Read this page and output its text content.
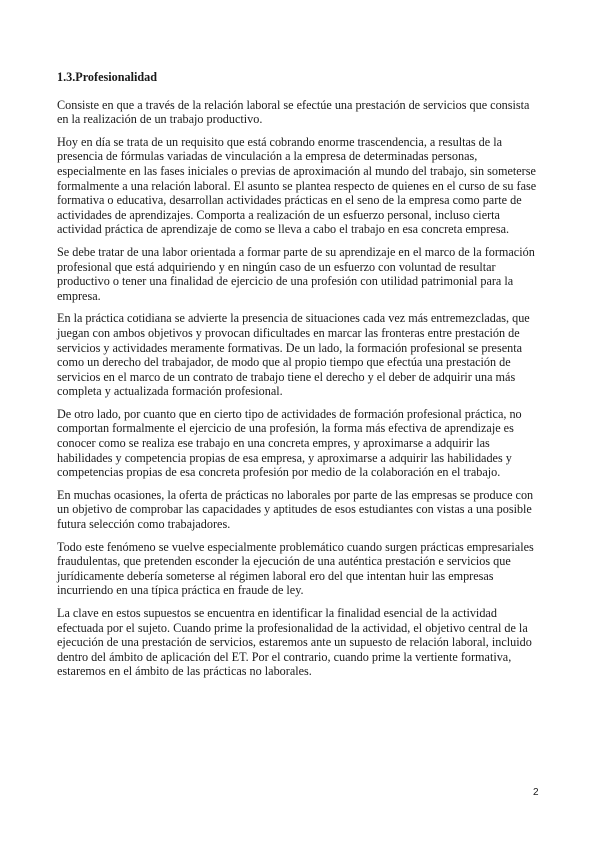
1.3.Profesionalidad

Consiste en que a través de la relación laboral se efectúe una prestación de servicios que consista en la realización de un trabajo productivo.

Hoy en día se trata de un requisito que está cobrando enorme trascendencia, a resultas de la presencia de fórmulas variadas de vinculación a la empresa de determinadas personas, especialmente en las fases iniciales o previas de aproximación al mundo del trabajo, sin someterse formalmente a una relación laboral. El asunto se plantea respecto de quienes en el curso de su fase formativa o educativa, desarrollan actividades prácticas en el seno de la empresa como parte de actividades de aprendizajes. Comporta a realización de un esfuerzo personal, incluso cierta actividad práctica de aprendizaje de como se lleva a cabo el trabajo en esa concreta empresa.

Se debe tratar de una labor orientada a formar parte de su aprendizaje en el marco de la formación profesional que está adquiriendo y en ningún caso de un esfuerzo con voluntad de resultar productivo o tener una finalidad de ejercicio de una profesión con utilidad patrimonial para la empresa.

En la práctica cotidiana se advierte la presencia de situaciones cada vez más entremezcladas, que juegan con ambos objetivos y provocan dificultades en marcar las fronteras entre prestación de servicios y actividades meramente formativas. De un lado, la formación profesional se presenta como un derecho del trabajador, de modo que al propio tiempo que efectúa una prestación de servicios en el marco de un contrato de trabajo tiene el derecho y el deber de adquirir una más completa y actualizada formación profesional.

De otro lado, por cuanto que en cierto tipo de actividades de formación profesional práctica, no comportan formalmente el ejercicio de una profesión, la forma más efectiva de aprendizaje es conocer como se realiza ese trabajo en una concreta empres, y aproximarse a adquirir las habilidades y competencia propias de esa empresa, y aproximarse a adquirir las habilidades y competencias propias de esa concreta profesión por medio de la colaboración en el trabajo.

En muchas ocasiones, la oferta de prácticas no laborales por parte de las empresas se produce con un objetivo de comprobar las capacidades y aptitudes de esos estudiantes con vistas a una posible futura selección como trabajadores.

Todo este fenómeno se vuelve especialmente problemático cuando surgen prácticas empresariales fraudulentas, que pretenden esconder la ejecución de una auténtica prestación e servicios que jurídicamente debería someterse al régimen laboral ero del que intentan huir las empresas incurriendo en una típica práctica en fraude de ley.

La clave en estos supuestos se encuentra en identificar la finalidad esencial de la actividad efectuada por el sujeto. Cuando prime la profesionalidad de la actividad, el objetivo central de la ejecución de una prestación de servicios, estaremos ante un supuesto de relación laboral, incluido dentro del ámbito de aplicación del ET. Por el contrario, cuando prime la vertiente formativa, estaremos en el ámbito de las prácticas no laborales.

2
